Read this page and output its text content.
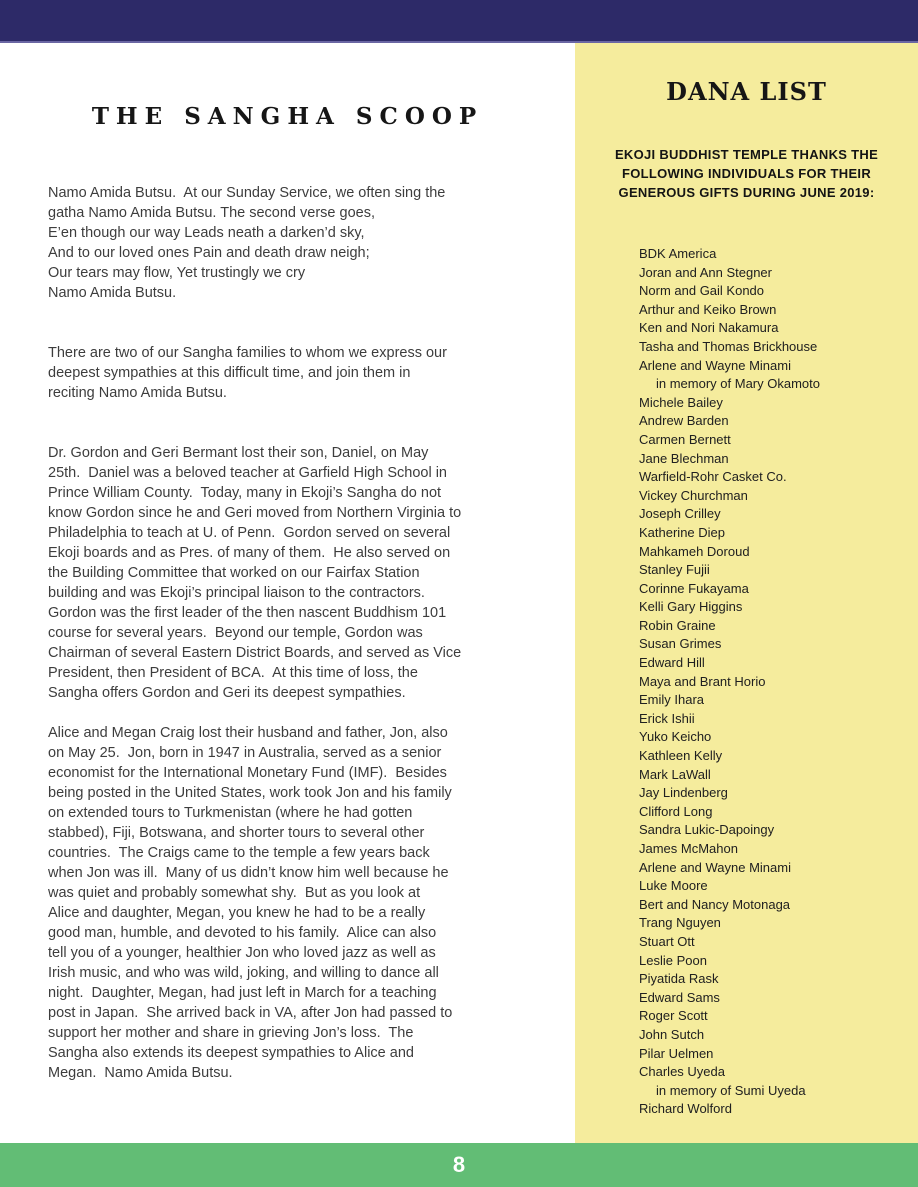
THE SANGHA SCOOP

Namo Amida Butsu.  At our Sunday Service, we often sing the
gatha Namo Amida Butsu. The second verse goes,
E’en though our way Leads neath a darken’d sky,
And to our loved ones Pain and death draw neigh;
Our tears may flow, Yet trustingly we cry
Namo Amida Butsu.

There are two of our Sangha families to whom we express our
deepest sympathies at this difficult time, and join them in
reciting Namo Amida Butsu.

Dr. Gordon and Geri Bermant lost their son, Daniel, on May
25th.  Daniel was a beloved teacher at Garfield High School in
Prince William County.  Today, many in Ekoji’s Sangha do not
know Gordon since he and Geri moved from Northern Virginia to
Philadelphia to teach at U. of Penn.  Gordon served on several
Ekoji boards and as Pres. of many of them.  He also served on
the Building Committee that worked on our Fairfax Station
building and was Ekoji’s principal liaison to the contractors.
Gordon was the first leader of the then nascent Buddhism 101
course for several years.  Beyond our temple, Gordon was
Chairman of several Eastern District Boards, and served as Vice
President, then President of BCA.  At this time of loss, the
Sangha offers Gordon and Geri its deepest sympathies.

Alice and Megan Craig lost their husband and father, Jon, also
on May 25.  Jon, born in 1947 in Australia, served as a senior
economist for the International Monetary Fund (IMF).  Besides
being posted in the United States, work took Jon and his family
on extended tours to Turkmenistan (where he had gotten
stabbed), Fiji, Botswana, and shorter tours to several other
countries.  The Craigs came to the temple a few years back
when Jon was ill.  Many of us didn’t know him well because he
was quiet and probably somewhat shy.  But as you look at
Alice and daughter, Megan, you knew he had to be a really
good man, humble, and devoted to his family.  Alice can also
tell you of a younger, healthier Jon who loved jazz as well as
Irish music, and who was wild, joking, and willing to dance all
night.  Daughter, Megan, had just left in March for a teaching
post in Japan.  She arrived back in VA, after Jon had passed to
support her mother and share in grieving Jon’s loss.  The
Sangha also extends its deepest sympathies to Alice and
Megan.  Namo Amida Butsu.

DANA LIST

EKOJI BUDDHIST TEMPLE THANKS THE
FOLLOWING INDIVIDUALS FOR THEIR
GENEROUS GIFTS DURING JUNE 2019:

BDK America
Joran and Ann Stegner
Norm and Gail Kondo
Arthur and Keiko Brown
Ken and Nori Nakamura
Tasha and Thomas Brickhouse
Arlene and Wayne Minami
in memory of Mary Okamoto
Michele Bailey
Andrew Barden
Carmen Bernett
Jane Blechman
Warfield-Rohr Casket Co.
Vickey Churchman
Joseph Crilley
Katherine Diep
Mahkameh Doroud
Stanley Fujii
Corinne Fukayama
Kelli Gary Higgins
Robin Graine
Susan Grimes
Edward Hill
Maya and Brant Horio
Emily Ihara
Erick Ishii
Yuko Keicho
Kathleen Kelly
Mark LaWall
Jay Lindenberg
Clifford Long
Sandra Lukic-Dapoingy
James McMahon
Arlene and Wayne Minami
Luke Moore
Bert and Nancy Motonaga
Trang Nguyen
Stuart Ott
Leslie Poon
Piyatida Rask
Edward Sams
Roger Scott
John Sutch
Pilar Uelmen
Charles Uyeda
in memory of Sumi Uyeda
Richard Wolford
8
